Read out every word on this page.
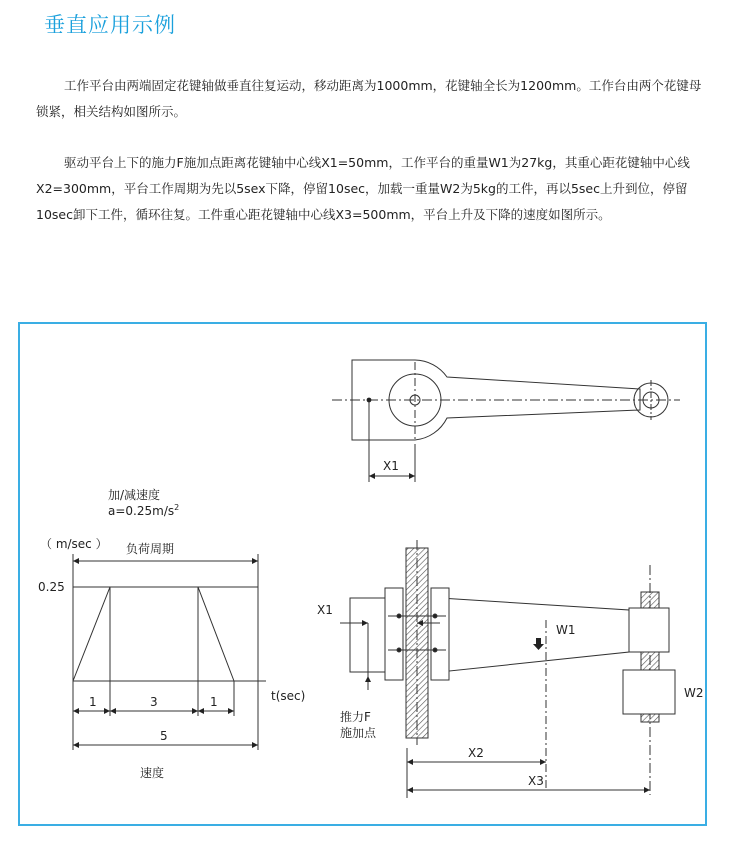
垂直应用示例

工作平台由两端固定花键轴做垂直往复运动，移动距离为1000mm，花键轴全长为1200mm。工作台由两个花键母锁紧，相关结构如图所示。

驱动平台上下的施力F施加点距离花键轴中心线X1=50mm，工作平台的重量W1为27kg，其重心距花键轴中心线X2=300mm，平台工作周期为先以5sex下降，停留10sec，加载一重量W2为5kg的工件，再以5sec上升到位，停留10sec卸下工件，循环往复。工件重心距花键轴中心线X3=500mm，平台上升及下降的速度如图所示。

X1
加/减速度
$a=0.25m/s^2$
（ m/sec ） 负荷周期
0.25
t(sec)
1	3	1
5
速度
X1
W1
W2
推力F
施加点
X2
X3
